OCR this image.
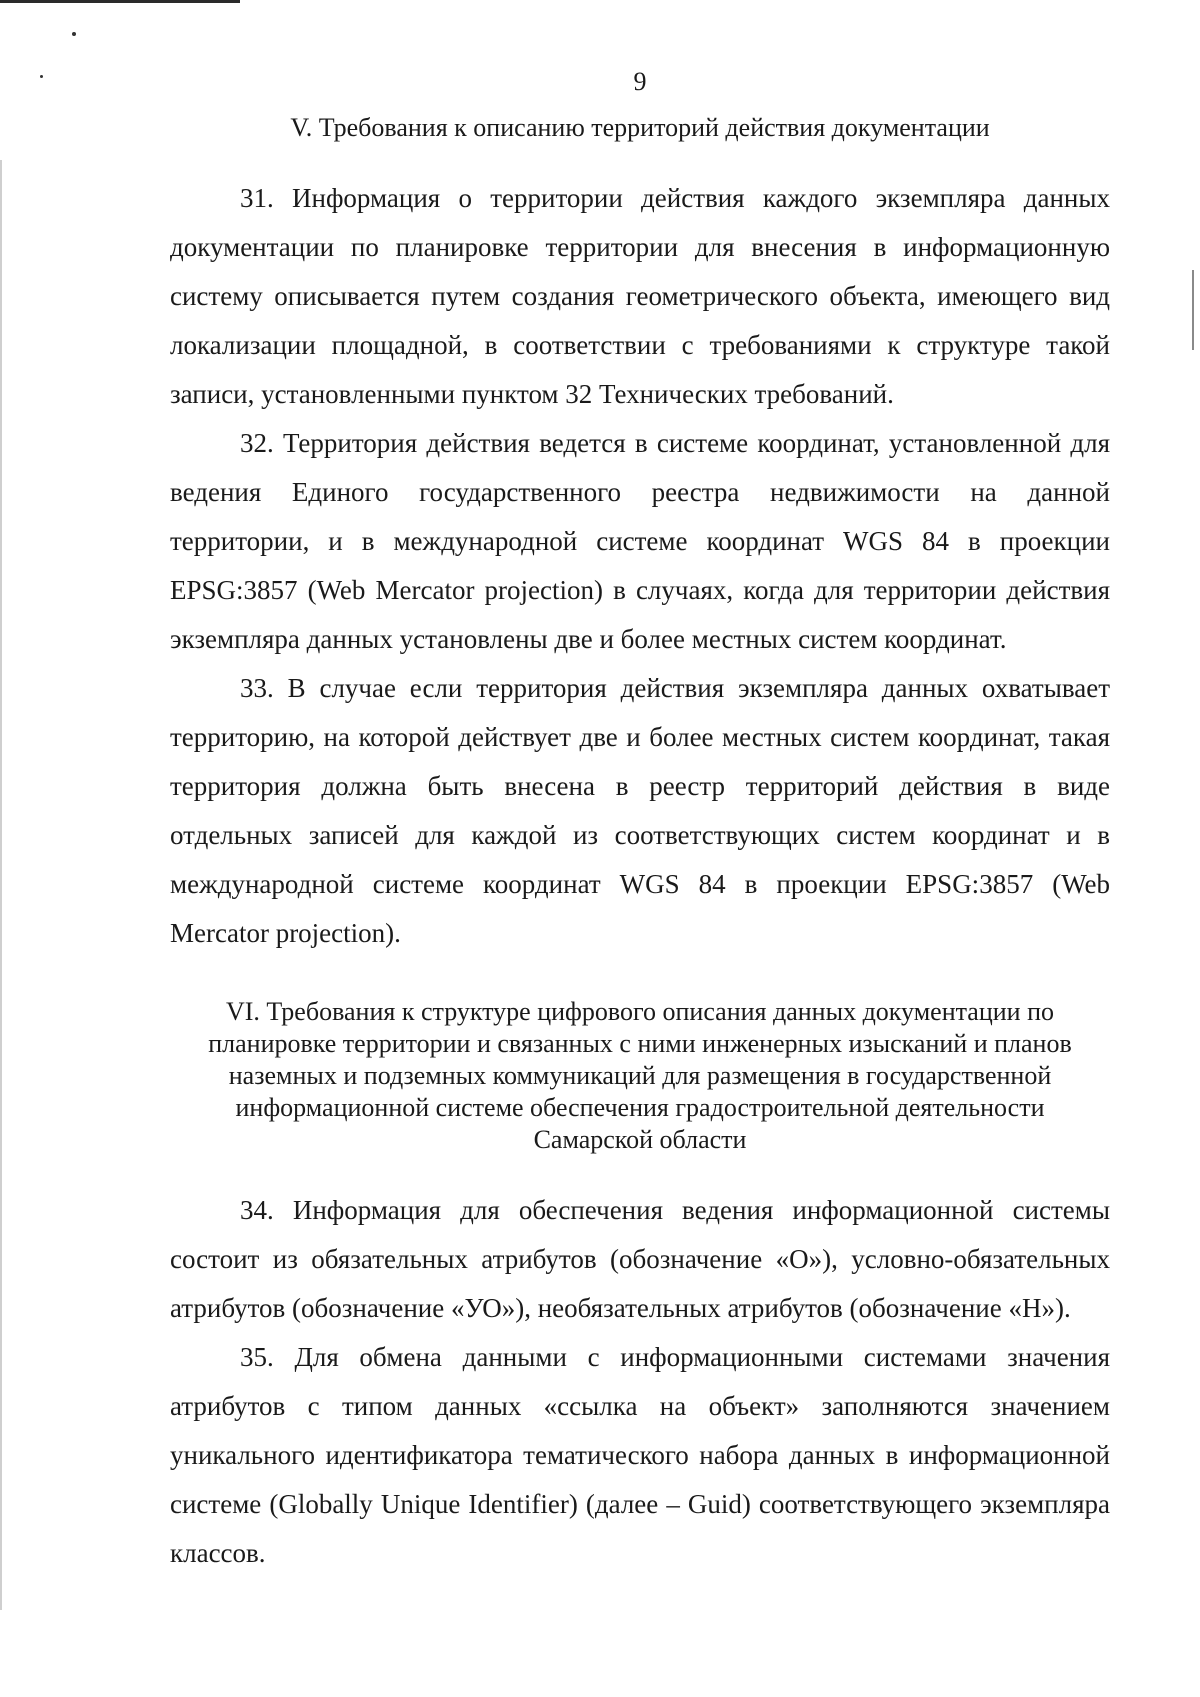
9
V. Требования к описанию территорий действия документации

31. Информация о территории действия каждого экземпляра данных документации по планировке территории для внесения в информационную систему описывается путем создания геометрического объекта, имеющего вид локализации площадной, в соответствии с требованиями к структуре такой записи, установленными пунктом 32 Технических требований.

32. Территория действия ведется в системе координат, установленной для ведения Единого государственного реестра недвижимости на данной территории, и в международной системе координат WGS 84 в проекции EPSG:3857 (Web Mercator projection) в случаях, когда для территории действия экземпляра данных установлены две и более местных систем координат.

33. В случае если территория действия экземпляра данных охватывает территорию, на которой действует две и более местных систем координат, такая территория должна быть внесена в реестр территорий действия в виде отдельных записей для каждой из соответствующих систем координат и в международной системе координат WGS 84 в проекции EPSG:3857 (Web Mercator projection).

VI. Требования к структуре цифрового описания данных документации по
планировке территории и связанных с ними инженерных изысканий и планов
наземных и подземных коммуникаций для размещения в государственной
информационной системе обеспечения градостроительной деятельности
Самарской области

34. Информация для обеспечения ведения информационной системы состоит из обязательных атрибутов (обозначение «О»), условно-обязательных атрибутов (обозначение «УО»), необязательных атрибутов (обозначение «Н»).

35. Для обмена данными с информационными системами значения атрибутов с типом данных «ссылка на объект» заполняются значением уникального идентификатора тематического набора данных в информационной системе (Globally Unique Identifier) (далее – Guid) соответствующего экземпляра классов.
